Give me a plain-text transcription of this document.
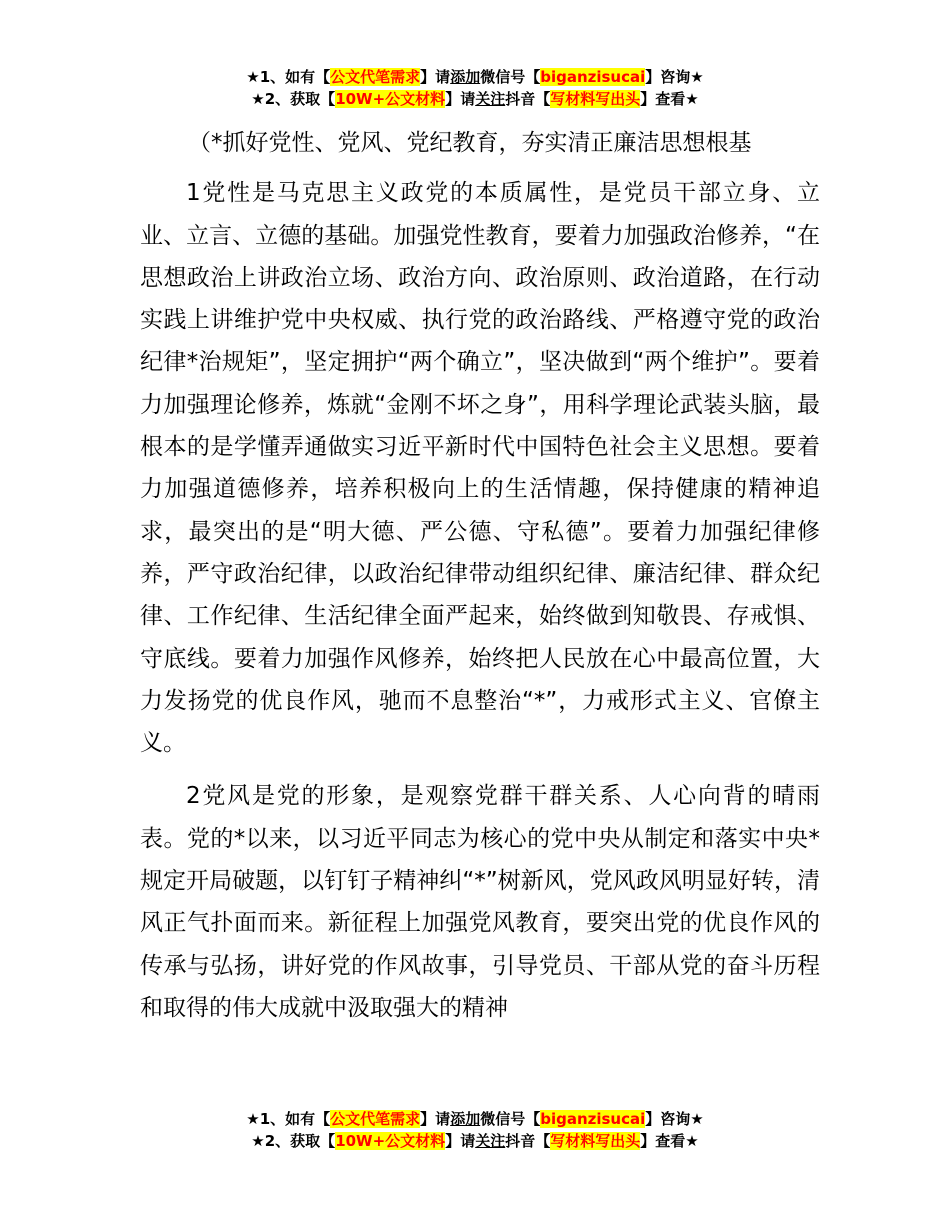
★1、如有【公文代笔需求】请添加微信号【biganzisucai】咨询★
★2、获取【10W+公文材料】请关注抖音【写材料写出头】查看★
（*抓好党性、党风、党纪教育，夯实清正廉洁思想根基

1党性是马克思主义政党的本质属性，是党员干部立身、立业、立言、立德的基础。加强党性教育，要着力加强政治修养，“在思想政治上讲政治立场、政治方向、政治原则、政治道路，在行动实践上讲维护党中央权威、执行党的政治路线、严格遵守党的政治纪律*治规矩”，坚定拥护“两个确立”，坚决做到“两个维护”。要着力加强理论修养，炼就“金刚不坏之身”，用科学理论武装头脑，最根本的是学懂弄通做实习近平新时代中国特色社会主义思想。要着力加强道德修养，培养积极向上的生活情趣，保持健康的精神追求，最突出的是“明大德、严公德、守私德”。要着力加强纪律修养，严守政治纪律，以政治纪律带动组织纪律、廉洁纪律、群众纪律、工作纪律、生活纪律全面严起来，始终做到知敬畏、存戒惧、守底线。要着力加强作风修养，始终把人民放在心中最高位置，大力发扬党的优良作风，驰而不息整治“*”，力戒形式主义、官僚主义。

2党风是党的形象，是观察党群干群关系、人心向背的晴雨表。党的*以来，以习近平同志为核心的党中央从制定和落实中央*规定开局破题，以钉钉子精神纠“*”树新风，党风政风明显好转，清风正气扑面而来。新征程上加强党风教育，要突出党的优良作风的传承与弘扬，讲好党的作风故事，引导党员、干部从党的奋斗历程和取得的伟大成就中汲取强大的精神

★1、如有【公文代笔需求】请添加微信号【biganzisucai】咨询★
★2、获取【10W+公文材料】请关注抖音【写材料写出头】查看★
